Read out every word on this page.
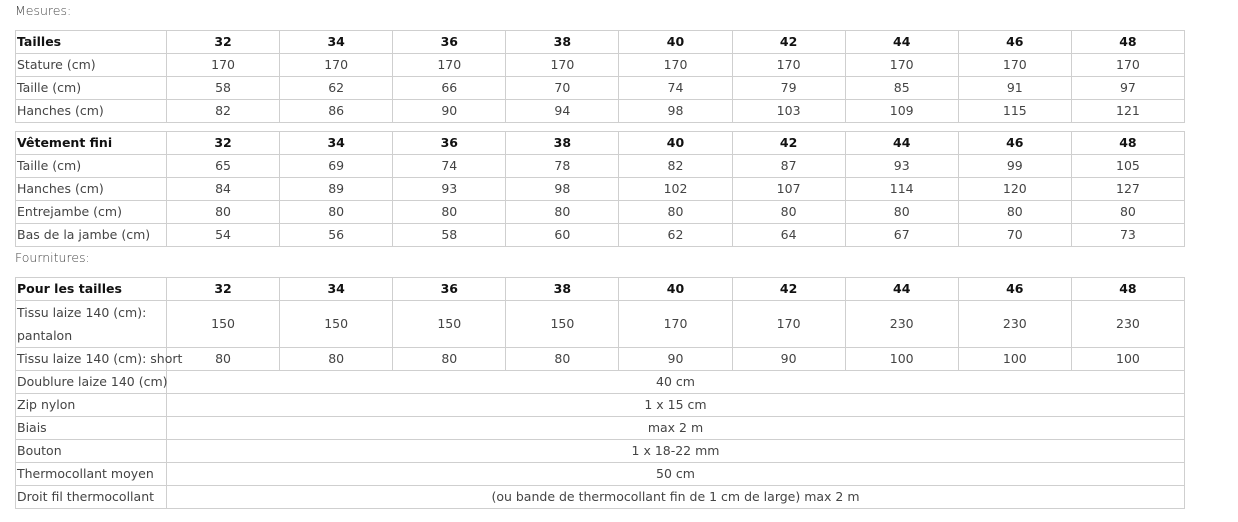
Mesures:
Tailles	32	34	36	38	40	42	44	46	48
Stature (cm)	170	170	170	170	170	170	170	170	170
Taille (cm)	58	62	66	70	74	79	85	91	97
Hanches (cm)	82	86	90	94	98	103	109	115	121
Vêtement fini	32	34	36	38	40	42	44	46	48
Taille (cm)	65	69	74	78	82	87	93	99	105
Hanches (cm)	84	89	93	98	102	107	114	120	127
Entrejambe (cm)	80	80	80	80	80	80	80	80	80
Bas de la jambe (cm)	54	56	58	60	62	64	67	70	73
Fournitures:
Pour les tailles	32	34	36	38	40	42	44	46	48
Tissu laize 140 (cm): pantalon	150	150	150	150	170	170	230	230	230
Tissu laize 140 (cm): short	80	80	80	80	90	90	100	100	100
Doublure laize 140 (cm)	40 cm								
Zip nylon	1 x 15 cm								
Biais	max 2 m								
Bouton	1 x 18-22 mm								
Thermocollant moyen	50 cm								
Droit fil thermocollant	(ou bande de thermocollant fin de 1 cm de large) max 2 m								
